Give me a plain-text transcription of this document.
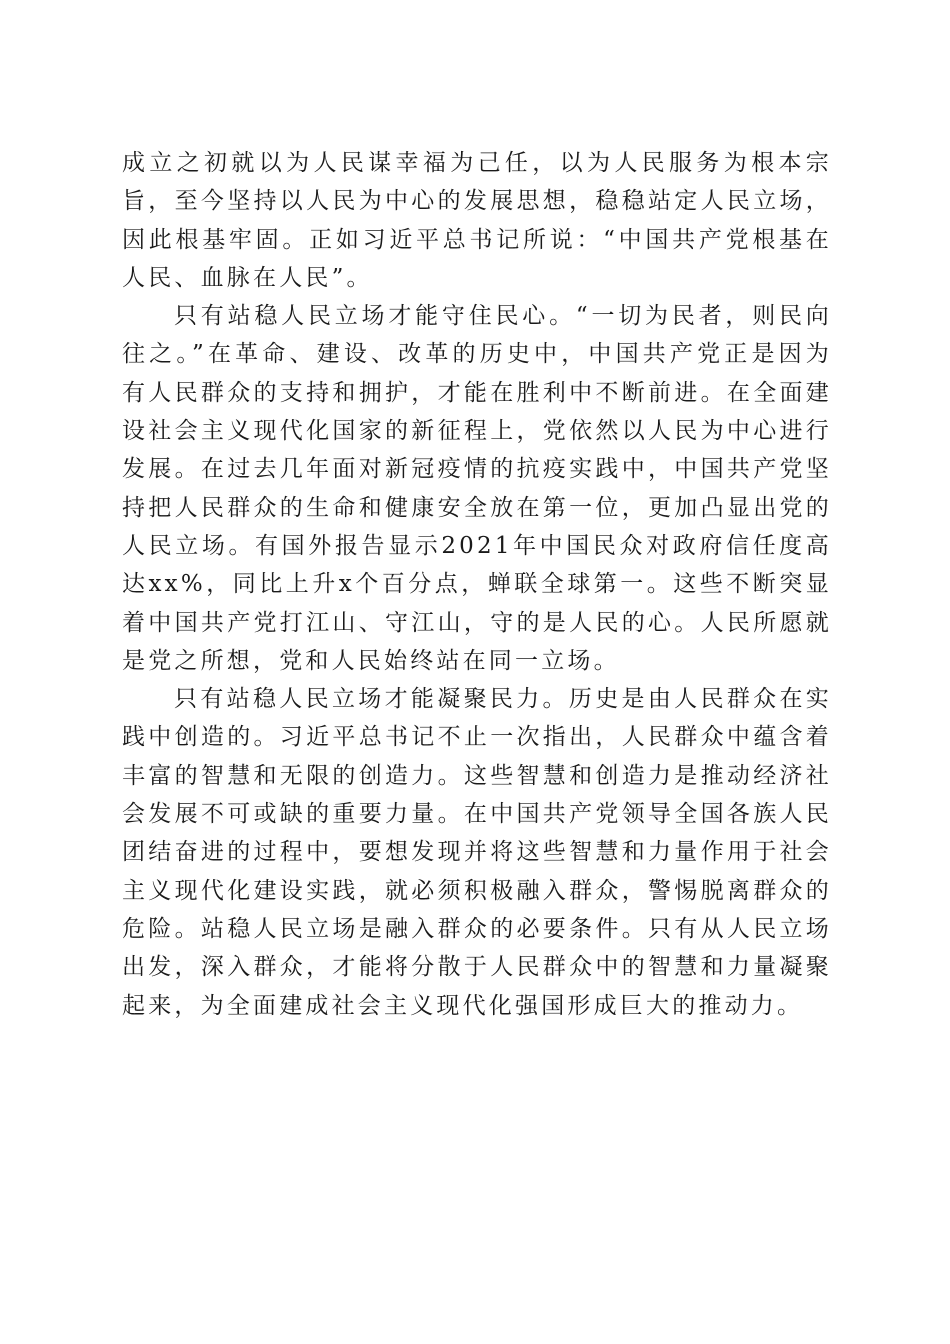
成立之初就以为人民谋幸福为己任，以为人民服务为根本宗旨，至今坚持以人民为中心的发展思想，稳稳站定人民立场，因此根基牢固。正如习近平总书记所说：“中国共产党根基在人民、血脉在人民”。

只有站稳人民立场才能守住民心。“一切为民者，则民向往之。”在革命、建设、改革的历史中，中国共产党正是因为有人民群众的支持和拥护，才能在胜利中不断前进。在全面建设社会主义现代化国家的新征程上，党依然以人民为中心进行发展。在过去几年面对新冠疫情的抗疫实践中，中国共产党坚持把人民群众的生命和健康安全放在第一位，更加凸显出党的人民立场。有国外报告显示2021年中国民众对政府信任度高达xx%，同比上升x个百分点，蝉联全球第一。这些不断突显着中国共产党打江山、守江山，守的是人民的心。人民所愿就是党之所想，党和人民始终站在同一立场。

只有站稳人民立场才能凝聚民力。历史是由人民群众在实践中创造的。习近平总书记不止一次指出，人民群众中蕴含着丰富的智慧和无限的创造力。这些智慧和创造力是推动经济社会发展不可或缺的重要力量。在中国共产党领导全国各族人民团结奋进的过程中，要想发现并将这些智慧和力量作用于社会主义现代化建设实践，就必须积极融入群众，警惕脱离群众的危险。站稳人民立场是融入群众的必要条件。只有从人民立场出发，深入群众，才能将分散于人民群众中的智慧和力量凝聚起来，为全面建成社会主义现代化强国形成巨大的推动力。
